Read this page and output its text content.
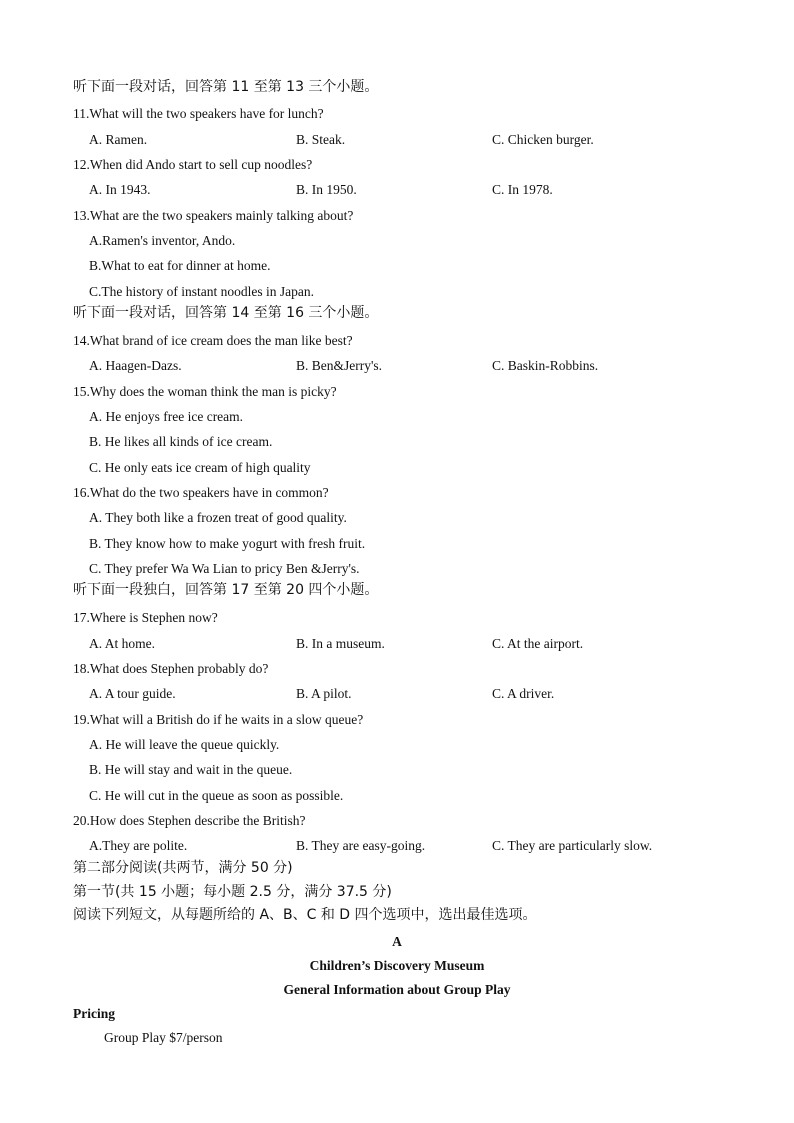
听下面一段对话，回答第 11 至第 13 三个小题。
11.What will the two speakers have for lunch?
A. Ramen.	B. Steak.	C. Chicken burger.
12.When did Ando start to sell cup noodles?
A. In 1943.	B. In 1950.	C. In 1978.
13.What are the two speakers mainly talking about?
A.Ramen's inventor, Ando.
B.What to eat for dinner at home.
C.The history of instant noodles in Japan.
听下面一段对话，回答第 14 至第 16 三个小题。
14.What brand of ice cream does the man like best?
A. Haagen-Dazs.	B. Ben&Jerry's.	C. Baskin-Robbins.
15.Why does the woman think the man is picky?
A. He enjoys free ice cream.
B. He likes all kinds of ice cream.
C. He only eats ice cream of high quality
16.What do the two speakers have in common?
A. They both like a frozen treat of good quality.
B. They know how to make yogurt with fresh fruit.
C. They prefer Wa Wa Lian to pricy Ben &Jerry's.
听下面一段独白，回答第 17 至第 20 四个小题。
17.Where is Stephen now?
A. At home.	B. In a museum.	C. At the airport.
18.What does Stephen probably do?
A. A tour guide.	B. A pilot.	C. A driver.
19.What will a British do if he waits in a slow queue?
A. He will leave the queue quickly.
B. He will stay and wait in the queue.
C. He will cut in the queue as soon as possible.
20.How does Stephen describe the British?
A.They are polite.	B. They are easy-going.	C. They are particularly slow.
第二部分阅读(共两节，满分 50 分)
第一节(共 15 小题；每小题 2.5 分，满分 37.5 分)
阅读下列短文，从每题所给的 A、B、C 和 D 四个选项中，选出最佳选项。
A
Children’s Discovery Museum
General Information about Group Play
Pricing
Group Play $7/person
